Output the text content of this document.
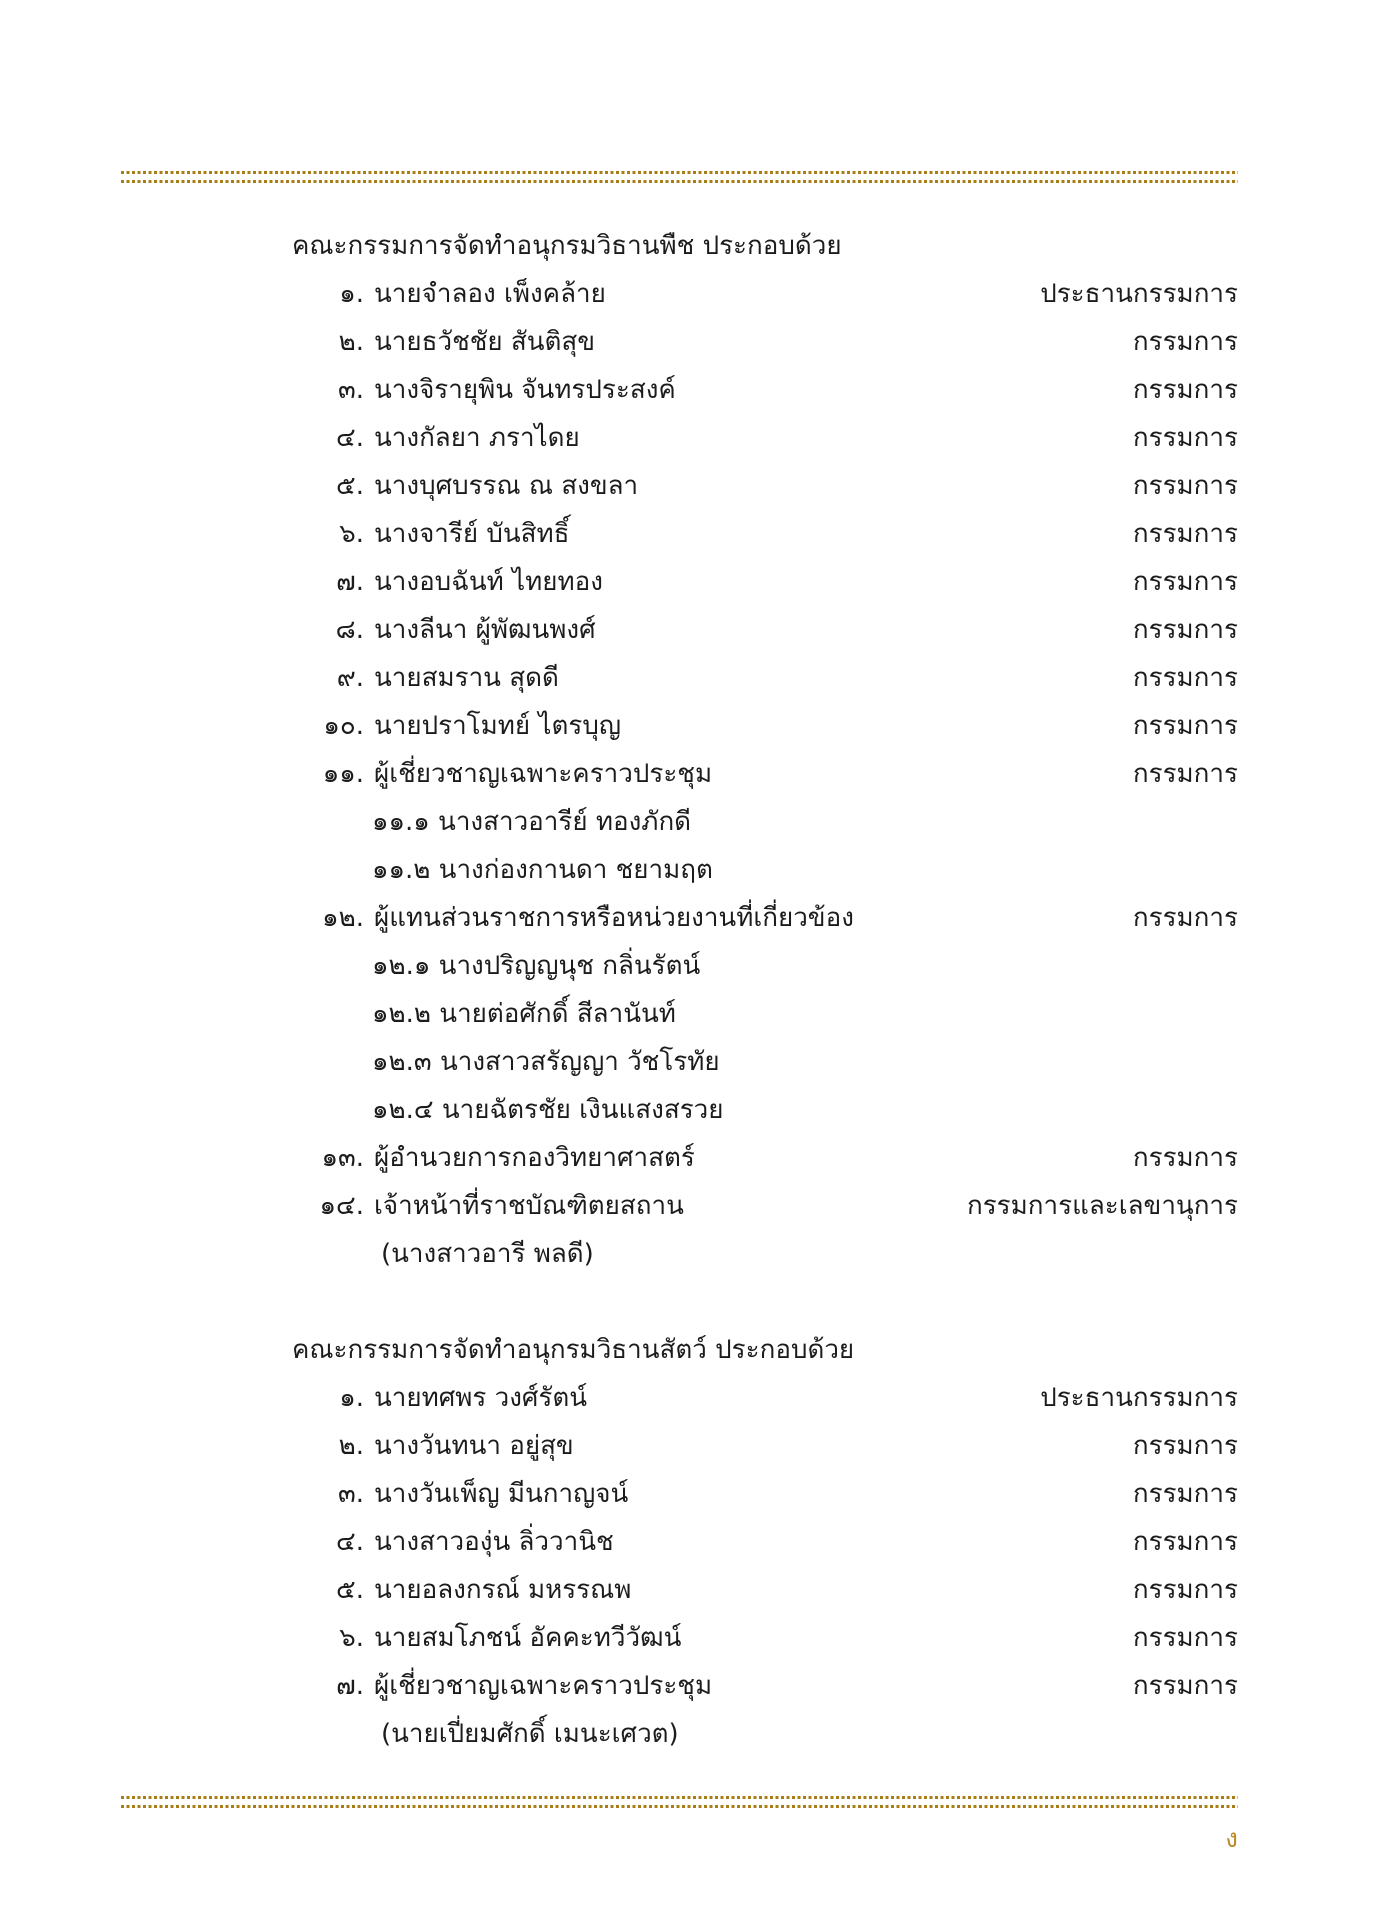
คณะกรรมการจัดทำอนุกรมวิธานพืช ประกอบด้วย
๑. นายจำลอง เพ็งคล้าย	ประธานกรรมการ
๒. นายธวัชชัย สันติสุข	กรรมการ
๓. นางจิรายุพิน จันทรประสงค์	กรรมการ
๔. นางกัลยา ภราไดย	กรรมการ
๕. นางบุศบรรณ ณ สงขลา	กรรมการ
๖. นางจารีย์ บันสิทธิ์	กรรมการ
๗. นางอบฉันท์ ไทยทอง	กรรมการ
๘. นางลีนา ผู้พัฒนพงศ์	กรรมการ
๙. นายสมราน สุดดี	กรรมการ
๑๐. นายปราโมทย์ ไตรบุญ	กรรมการ
๑๑. ผู้เชี่ยวชาญเฉพาะคราวประชุม	กรรมการ
๑๑.๑ นางสาวอารีย์ ทองภักดี
๑๑.๒ นางก่องกานดา ชยามฤต
๑๒. ผู้แทนส่วนราชการหรือหน่วยงานที่เกี่ยวข้อง	กรรมการ
๑๒.๑ นางปริญญนุช กลิ่นรัตน์
๑๒.๒ นายต่อศักดิ์ สีลานันท์
๑๒.๓ นางสาวสรัญญา วัชโรทัย
๑๒.๔ นายฉัตรชัย เงินแสงสรวย
๑๓. ผู้อำนวยการกองวิทยาศาสตร์	กรรมการ
๑๔. เจ้าหน้าที่ราชบัณฑิตยสถาน	กรรมการและเลขานุการ
(นางสาวอารี พลดี)
คณะกรรมการจัดทำอนุกรมวิธานสัตว์ ประกอบด้วย
๑. นายทศพร วงศ์รัตน์	ประธานกรรมการ
๒. นางวันทนา อยู่สุข	กรรมการ
๓. นางวันเพ็ญ มีนกาญจน์	กรรมการ
๔. นางสาวองุ่น ลิ่ววานิช	กรรมการ
๕. นายอลงกรณ์ มหรรณพ	กรรมการ
๖. นายสมโภชน์ อัคคะทวีวัฒน์	กรรมการ
๗. ผู้เชี่ยวชาญเฉพาะคราวประชุม	กรรมการ
(นายเปี่ยมศักดิ์ เมนะเศวต)
ง
